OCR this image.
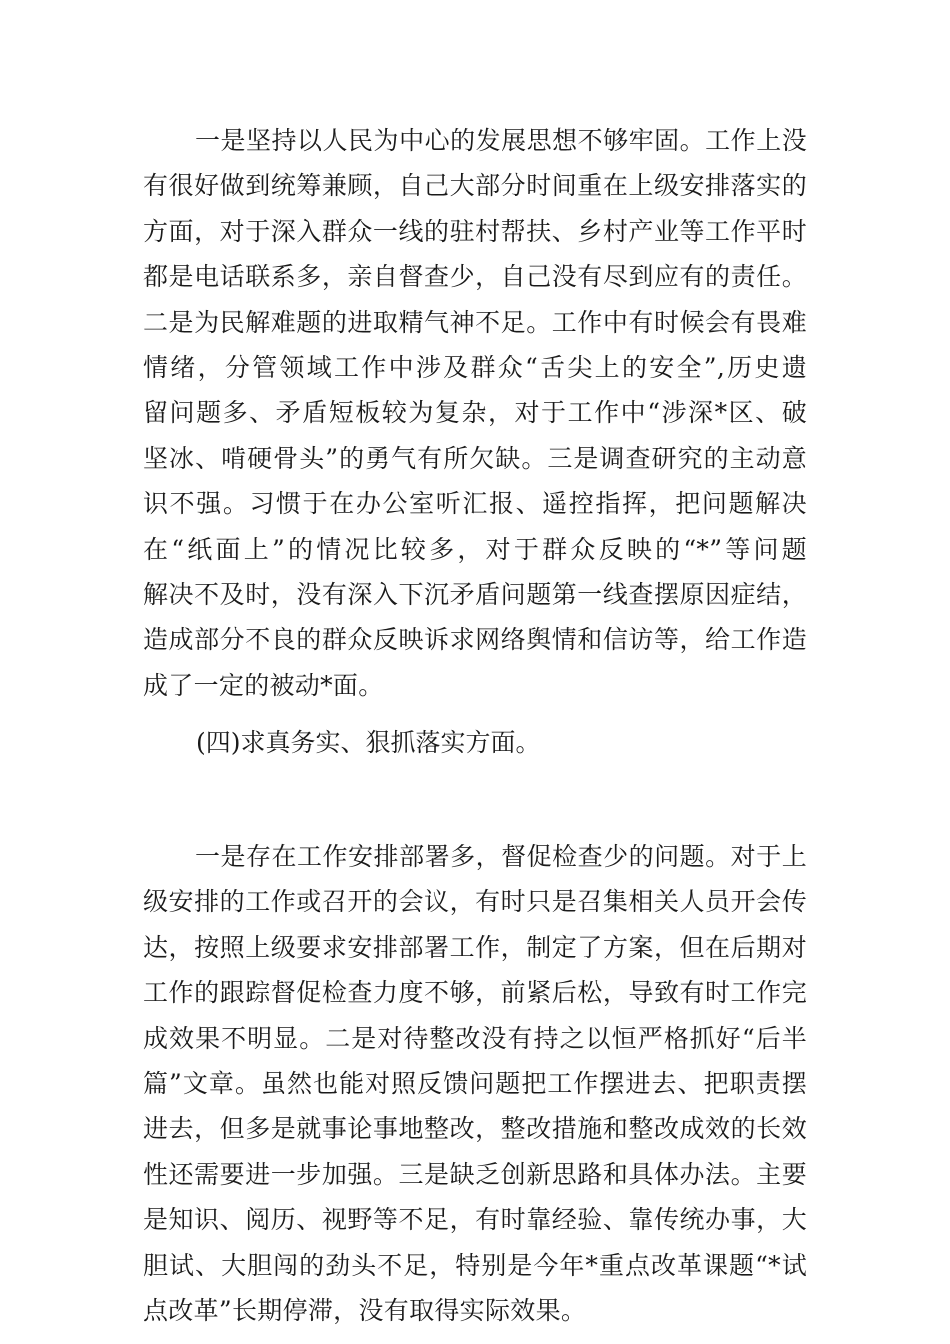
一是坚持以人民为中心的发展思想不够牢固。工作上没
有很好做到统筹兼顾，自己大部分时间重在上级安排落实的
方面，对于深入群众一线的驻村帮扶、乡村产业等工作平时
都是电话联系多，亲自督查少，自己没有尽到应有的责任。
二是为民解难题的进取精气神不足。工作中有时候会有畏难
情绪，分管领域工作中涉及群众“舌尖上的安全”,历史遗
留问题多、矛盾短板较为复杂，对于工作中“涉深*区、破
坚冰、啃硬骨头”的勇气有所欠缺。三是调查研究的主动意
识不强。习惯于在办公室听汇报、遥控指挥，把问题解决
在“纸面上”的情况比较多，对于群众反映的“*”等问题
解决不及时，没有深入下沉矛盾问题第一线查摆原因症结，
造成部分不良的群众反映诉求网络舆情和信访等，给工作造
成了一定的被动*面。
(四)求真务实、狠抓落实方面。
一是存在工作安排部署多，督促检查少的问题。对于上
级安排的工作或召开的会议，有时只是召集相关人员开会传
达，按照上级要求安排部署工作，制定了方案，但在后期对
工作的跟踪督促检查力度不够，前紧后松，导致有时工作完
成效果不明显。二是对待整改没有持之以恒严格抓好“后半
篇”文章。虽然也能对照反馈问题把工作摆进去、把职责摆
进去，但多是就事论事地整改，整改措施和整改成效的长效
性还需要进一步加强。三是缺乏创新思路和具体办法。主要
是知识、阅历、视野等不足，有时靠经验、靠传统办事，大
胆试、大胆闯的劲头不足，特别是今年*重点改革课题“*试
点改革”长期停滞，没有取得实际效果。
